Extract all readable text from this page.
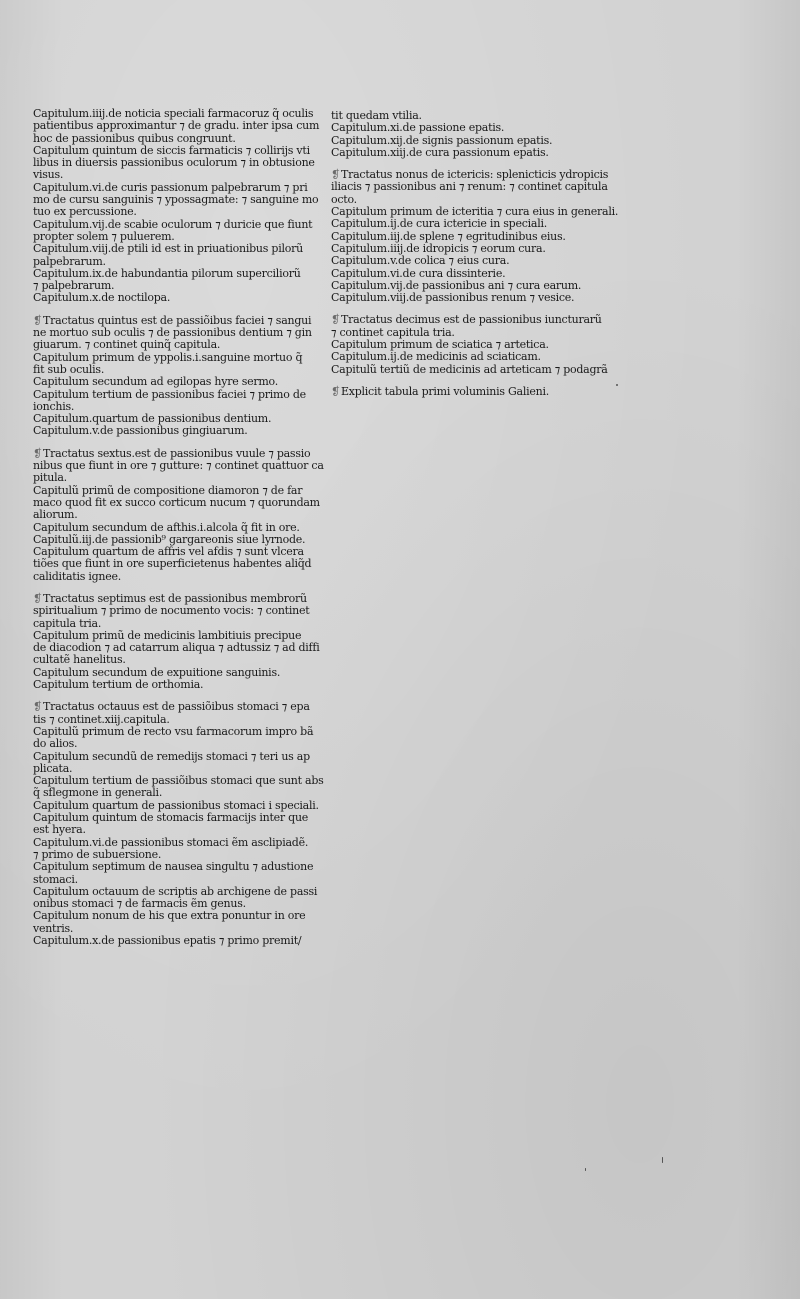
Capitulum.iiij.de noticia speciali farmacoruz q̃ oculis
patientibus approximantur ⁊ de gradu. inter ipsa cum
hoc de passionibus quibus congruunt.
Capitulum quintum de siccis farmaticis ⁊ collirijs vti
libus in diuersis passionibus oculorum ⁊ in obtusione
visus.
Capitulum.vi.de curis passionum palpebrarum ⁊ pri
mo de cursu sanguinis ⁊ ypossagmate: ⁊ sanguine mo
tuo ex percussione.
Capitulum.vij.de scabie oculorum ⁊ duricie que fiunt
propter solem ⁊ puluerem.
Capitulum.viij.de ptili id est in priuationibus pilorũ
palpebrarum.
Capitulum.ix.de habundantia pilorum superciliorũ
⁊ palpebrarum.
Capitulum.x.de noctilopa.
❡Tractatus quintus est de passiõibus faciei ⁊ sangui
ne mortuo sub oculis ⁊ de passionibus dentium ⁊ gin
giuarum. ⁊ continet quinq̃ capitula.
Capitulum primum de yppolis.i.sanguine mortuo q̃
fit sub oculis.
Capitulum secundum ad egilopas hyre sermo.
Capitulum tertium de passionibus faciei ⁊ primo de
ionchis.
Capitulum.quartum de passionibus dentium.
Capitulum.v.de passionibus gingiuarum.
❡Tractatus sextus.est de passionibus vuule ⁊ passio
nibus que fiunt in ore ⁊ gutture: ⁊ continet quattuor ca
pitula.
Capitulũ primũ de compositione diamoron ⁊ de far
maco quod fit ex succo corticum nucum ⁊ quorundam
aliorum.
Capitulum secundum de afthis.i.alcola q̃ fit in ore.
Capitulũ.iij.de passionib⁹ gargareonis siue lyrnode.
Capitulum quartum de affris vel afdis ⁊ sunt vlcera
tiões que fiunt in ore superficietenus habentes aliq̃d
caliditatis ignee.
❡Tractatus septimus est de passionibus membrorũ
spiritualium ⁊ primo de nocumento vocis: ⁊ continet
capitula tria.
Capitulum primũ de medicinis lambitiuis precipue
de diacodion ⁊ ad catarrum aliqua ⁊ adtussiz ⁊ ad diffi
cultatẽ hanelitus.
Capitulum secundum de expuitione sanguinis.
Capitulum tertium de orthomia.
❡Tractatus octauus est de passiõibus stomaci ⁊ epa
tis ⁊ continet.xiij.capitula.
Capitulũ primum de recto vsu farmacorum impro bã
do alios.
Capitulum secundũ de remedijs stomaci ⁊ teri us ap
plicata.
Capitulum tertium de passiõibus stomaci que sunt abs
q̃ sflegmone in generali.
Capitulum quartum de passionibus stomaci i speciali.
Capitulum quintum de stomacis farmacijs inter que
est hyera.
Capitulum.vi.de passionibus stomaci ẽm asclipiadẽ.
⁊ primo de subuersione.
Capitulum septimum de nausea singultu ⁊ adustione
stomaci.
Capitulum octauum de scriptis ab archigene de passi
onibus stomaci ⁊ de farmacis ẽm genus.
Capitulum nonum de his que extra ponuntur in ore
ventris.
Capitulum.x.de passionibus epatis ⁊ primo premit/
tit quedam vtilia.
Capitulum.xi.de passione epatis.
Capitulum.xij.de signis passionum epatis.
Capitulum.xiij.de cura passionum epatis.
❡Tractatus nonus de ictericis: splenicticis ydropicis
iliacis ⁊ passionibus ani ⁊ renum: ⁊ continet capitula
octo.
Capitulum primum de icteritia ⁊ cura eius in generali.
Capitulum.ij.de cura ictericie in speciali.
Capitulum.iij.de splene ⁊ egritudinibus eius.
Capitulum.iiij.de idropicis ⁊ eorum cura.
Capitulum.v.de colica ⁊ eius cura.
Capitulum.vi.de cura dissinterie.
Capitulum.vij.de passionibus ani ⁊ cura earum.
Capitulum.viij.de passionibus renum ⁊ vesice.
❡Tractatus decimus est de passionibus iuncturarũ
⁊ continet capitula tria.
Capitulum primum de sciatica ⁊ artetica.
Capitulum.ij.de medicinis ad sciaticam.
Capitulũ tertiũ de medicinis ad arteticam ⁊ podagrã
❡Explicit tabula primi voluminis Galieni.
